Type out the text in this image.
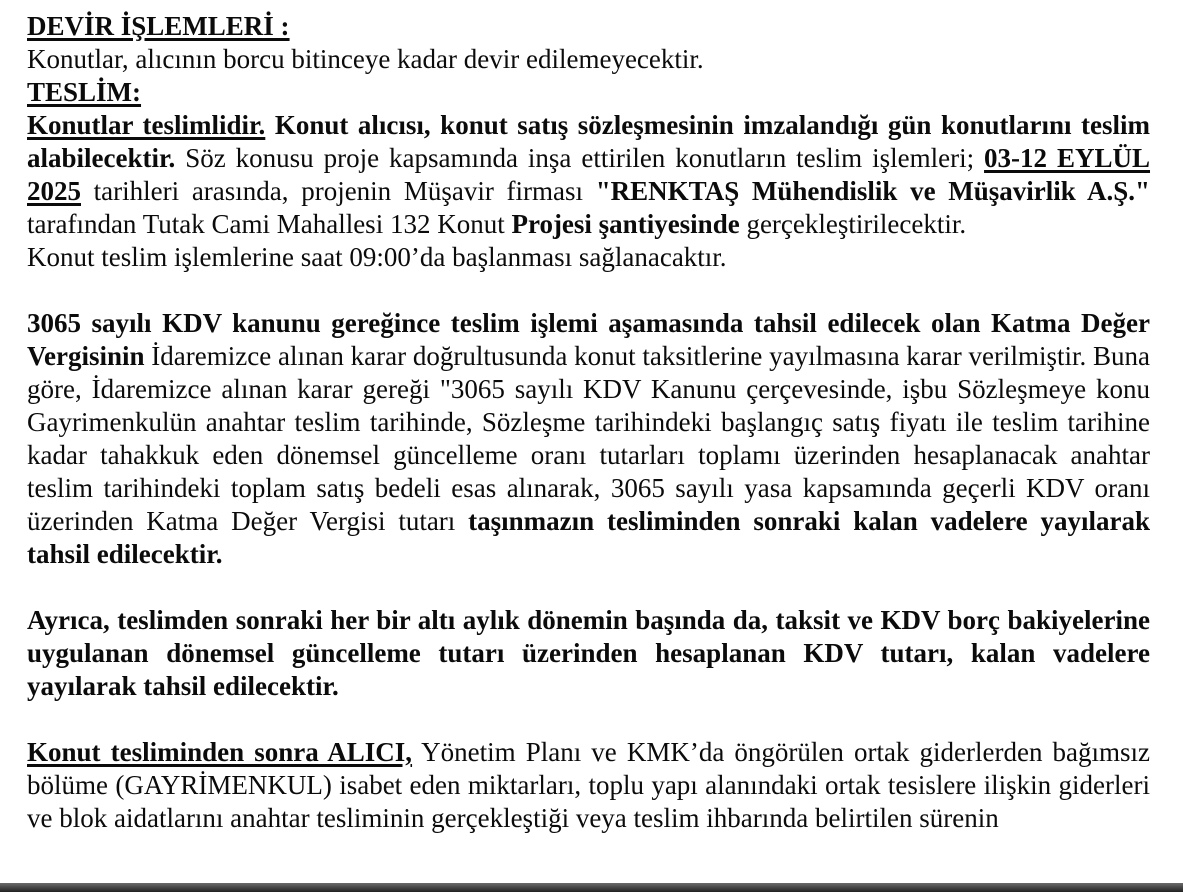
DEVİR İŞLEMLERİ :

Konutlar, alıcının borcu bitinceye kadar devir edilemeyecektir.

TESLİM:

Konutlar teslimlidir. Konut alıcısı, konut satış sözleşmesinin imzalandığı gün konutlarını teslim alabilecektir. Söz konusu proje kapsamında inşa ettirilen konutların teslim işlemleri; 03-12 EYLÜL 2025 tarihleri arasında, projenin Müşavir firması "RENKTAŞ Mühendislik ve Müşavirlik A.Ş." tarafından Tutak Cami Mahallesi 132 Konut Projesi şantiyesinde gerçekleştirilecektir.

Konut teslim işlemlerine saat 09:00’da başlanması sağlanacaktır.

3065 sayılı KDV kanunu gereğince teslim işlemi aşamasında tahsil edilecek olan Katma Değer Vergisinin İdaremizce alınan karar doğrultusunda konut taksitlerine yayılmasına karar verilmiştir. Buna göre, İdaremizce alınan karar gereği "3065 sayılı KDV Kanunu çerçevesinde, işbu Sözleşmeye konu Gayrimenkulün anahtar teslim tarihinde, Sözleşme tarihindeki başlangıç satış fiyatı ile teslim tarihine kadar tahakkuk eden dönemsel güncelleme oranı tutarları toplamı üzerinden hesaplanacak anahtar teslim tarihindeki toplam satış bedeli esas alınarak, 3065 sayılı yasa kapsamında geçerli KDV oranı üzerinden Katma Değer Vergisi tutarı taşınmazın tesliminden sonraki kalan vadelere yayılarak tahsil edilecektir.

Ayrıca, teslimden sonraki her bir altı aylık dönemin başında da, taksit ve KDV borç bakiyelerine uygulanan dönemsel güncelleme tutarı üzerinden hesaplanan KDV tutarı, kalan vadelere yayılarak tahsil edilecektir.

Konut tesliminden sonra ALICI, Yönetim Planı ve KMK’da öngörülen ortak giderlerden bağımsız bölüme (GAYRİMENKUL) isabet eden miktarları, toplu yapı alanındaki ortak tesislere ilişkin giderleri ve blok aidatlarını anahtar tesliminin gerçekleştiği veya teslim ihbarında belirtilen sürenin
